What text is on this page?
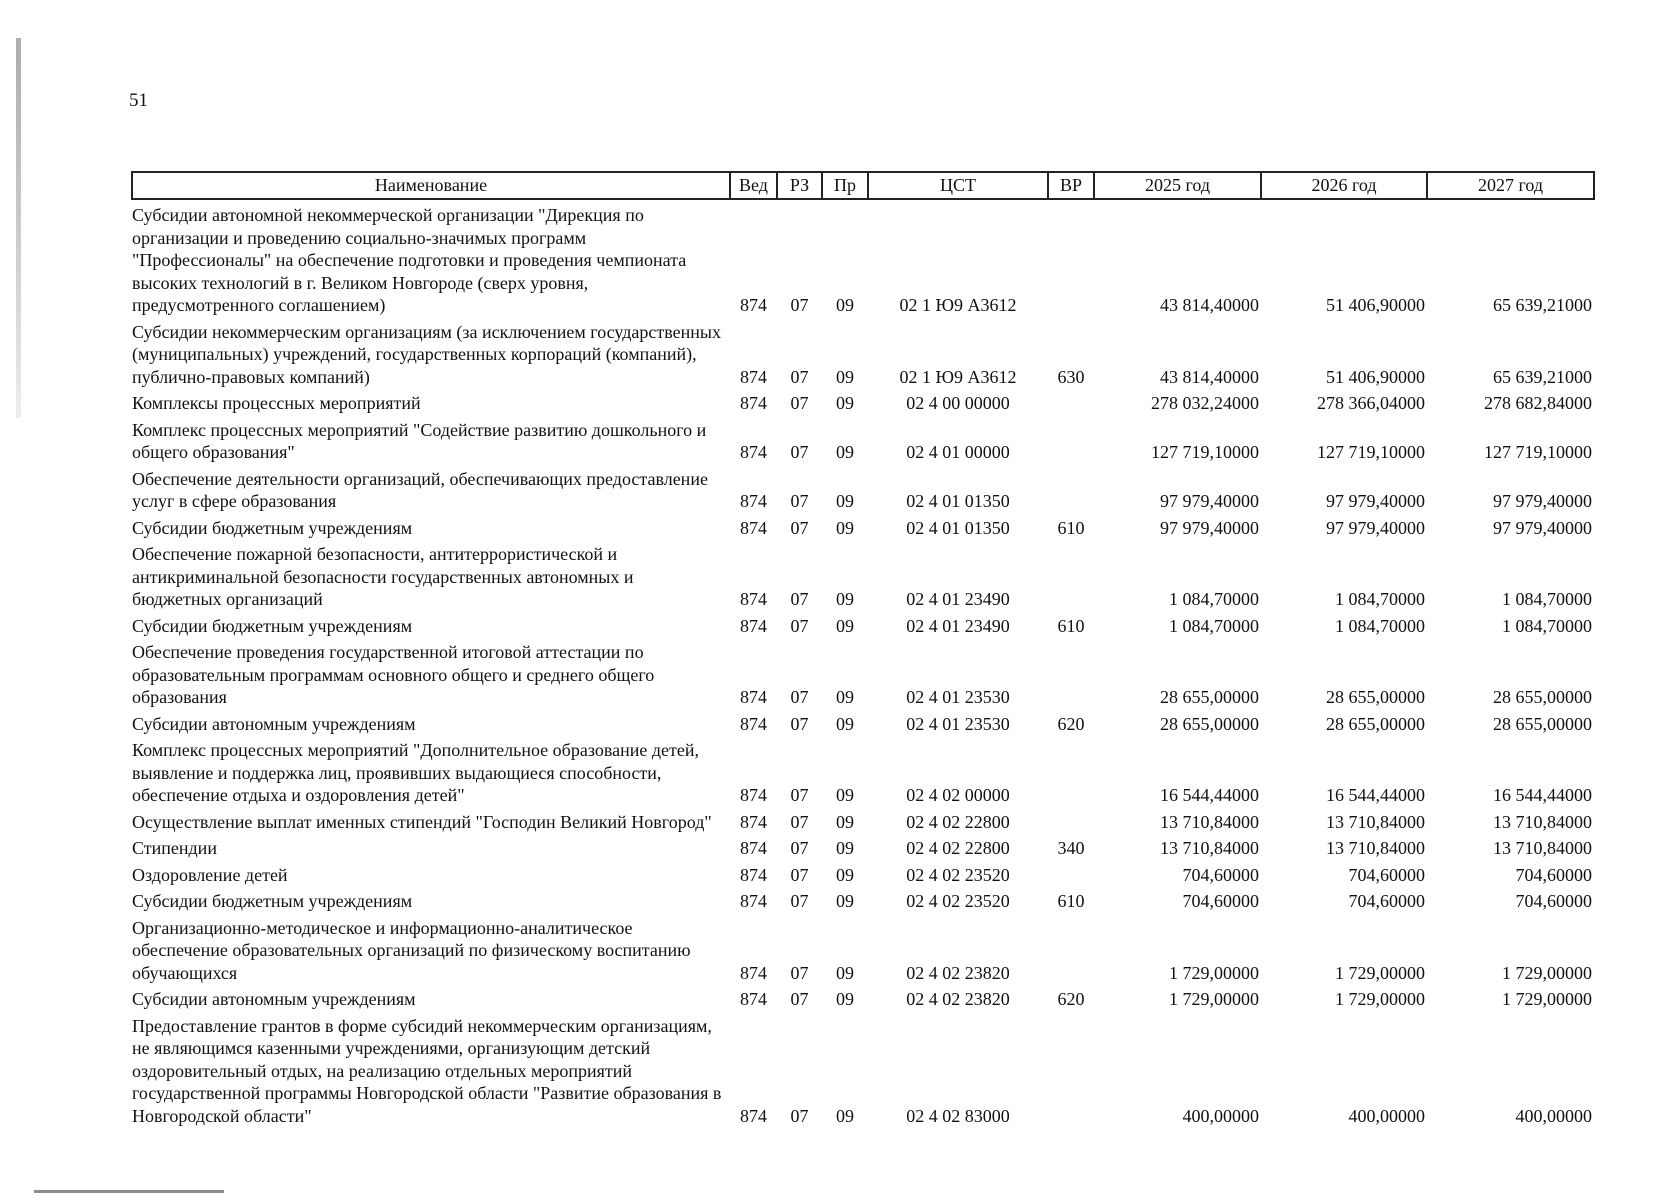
51
Наименование	Вед	РЗ	Пр	ЦСТ	ВР	2025 год	2026 год	2027 год
Субсидии автономной некоммерческой организации "Дирекция по организации и проведению социально-значимых программ "Профессионалы" на обеспечение подготовки и проведения чемпионата высоких технологий в г. Великом Новгороде (сверх уровня, предусмотренного соглашением)	874	07	09	02 1 Ю9 А3612		43 814,40000	51 406,90000	65 639,21000
Субсидии некоммерческим организациям (за исключением государственных (муниципальных) учреждений, государственных корпораций (компаний), публично-правовых компаний)	874	07	09	02 1 Ю9 А3612	630	43 814,40000	51 406,90000	65 639,21000
Комплексы процессных мероприятий	874	07	09	02 4 00 00000		278 032,24000	278 366,04000	278 682,84000
Комплекс процессных мероприятий "Содействие развитию дошкольного и общего образования"	874	07	09	02 4 01 00000		127 719,10000	127 719,10000	127 719,10000
Обеспечение деятельности организаций, обеспечивающих предоставление услуг в сфере образования	874	07	09	02 4 01 01350		97 979,40000	97 979,40000	97 979,40000
Субсидии бюджетным учреждениям	874	07	09	02 4 01 01350	610	97 979,40000	97 979,40000	97 979,40000
Обеспечение пожарной безопасности, антитеррористической и антикриминальной безопасности государственных автономных и бюджетных организаций	874	07	09	02 4 01 23490		1 084,70000	1 084,70000	1 084,70000
Субсидии бюджетным учреждениям	874	07	09	02 4 01 23490	610	1 084,70000	1 084,70000	1 084,70000
Обеспечение проведения государственной итоговой аттестации по образовательным программам основного общего и среднего общего образования	874	07	09	02 4 01 23530		28 655,00000	28 655,00000	28 655,00000
Субсидии автономным учреждениям	874	07	09	02 4 01 23530	620	28 655,00000	28 655,00000	28 655,00000
Комплекс процессных мероприятий "Дополнительное образование детей, выявление и поддержка лиц, проявивших выдающиеся способности, обеспечение отдыха и оздоровления детей"	874	07	09	02 4 02 00000		16 544,44000	16 544,44000	16 544,44000
Осуществление выплат именных стипендий "Господин Великий Новгород"	874	07	09	02 4 02 22800		13 710,84000	13 710,84000	13 710,84000
Стипендии	874	07	09	02 4 02 22800	340	13 710,84000	13 710,84000	13 710,84000
Оздоровление детей	874	07	09	02 4 02 23520		704,60000	704,60000	704,60000
Субсидии бюджетным учреждениям	874	07	09	02 4 02 23520	610	704,60000	704,60000	704,60000
Организационно-методическое и информационно-аналитическое обеспечение образовательных организаций по физическому воспитанию обучающихся	874	07	09	02 4 02 23820		1 729,00000	1 729,00000	1 729,00000
Субсидии автономным учреждениям	874	07	09	02 4 02 23820	620	1 729,00000	1 729,00000	1 729,00000
Предоставление грантов в форме субсидий некоммерческим организациям, не являющимся казенными учреждениями, организующим детский оздоровительный отдых, на реализацию отдельных мероприятий государственной программы Новгородской области "Развитие образования в Новгородской области"	874	07	09	02 4 02 83000		400,00000	400,00000	400,00000
